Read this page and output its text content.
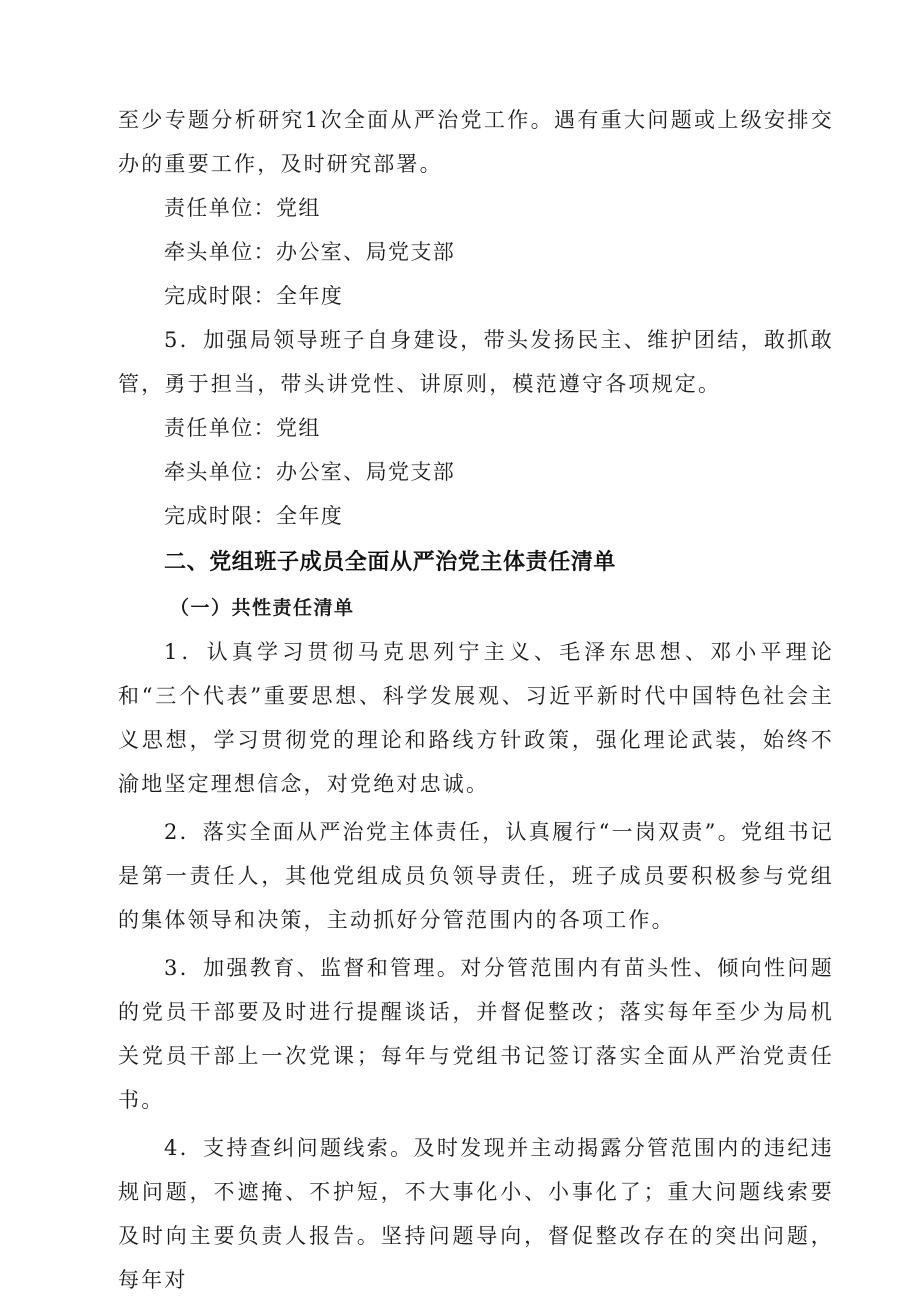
至少专题分析研究1次全面从严治党工作。遇有重大问题或上级安排交办的重要工作，及时研究部署。

责任单位：党组

牵头单位：办公室、局党支部

完成时限：全年度

5．加强局领导班子自身建设，带头发扬民主、维护团结，敢抓敢管，勇于担当，带头讲党性、讲原则，模范遵守各项规定。

责任单位：党组

牵头单位：办公室、局党支部

完成时限：全年度

二、党组班子成员全面从严治党主体责任清单
（一）共性责任清单

1．认真学习贯彻马克思列宁主义、毛泽东思想、邓小平理论和“三个代表”重要思想、科学发展观、习近平新时代中国特色社会主义思想，学习贯彻党的理论和路线方针政策，强化理论武装，始终不渝地坚定理想信念，对党绝对忠诚。

2．落实全面从严治党主体责任，认真履行“一岗双责”。党组书记是第一责任人，其他党组成员负领导责任，班子成员要积极参与党组的集体领导和决策，主动抓好分管范围内的各项工作。

3．加强教育、监督和管理。对分管范围内有苗头性、倾向性问题的党员干部要及时进行提醒谈话，并督促整改；落实每年至少为局机关党员干部上一次党课；每年与党组书记签订落实全面从严治党责任书。

4．支持查纠问题线索。及时发现并主动揭露分管范围内的违纪违规问题，不遮掩、不护短，不大事化小、小事化了；重大问题线索要及时向主要负责人报告。坚持问题导向，督促整改存在的突出问题，每年对
